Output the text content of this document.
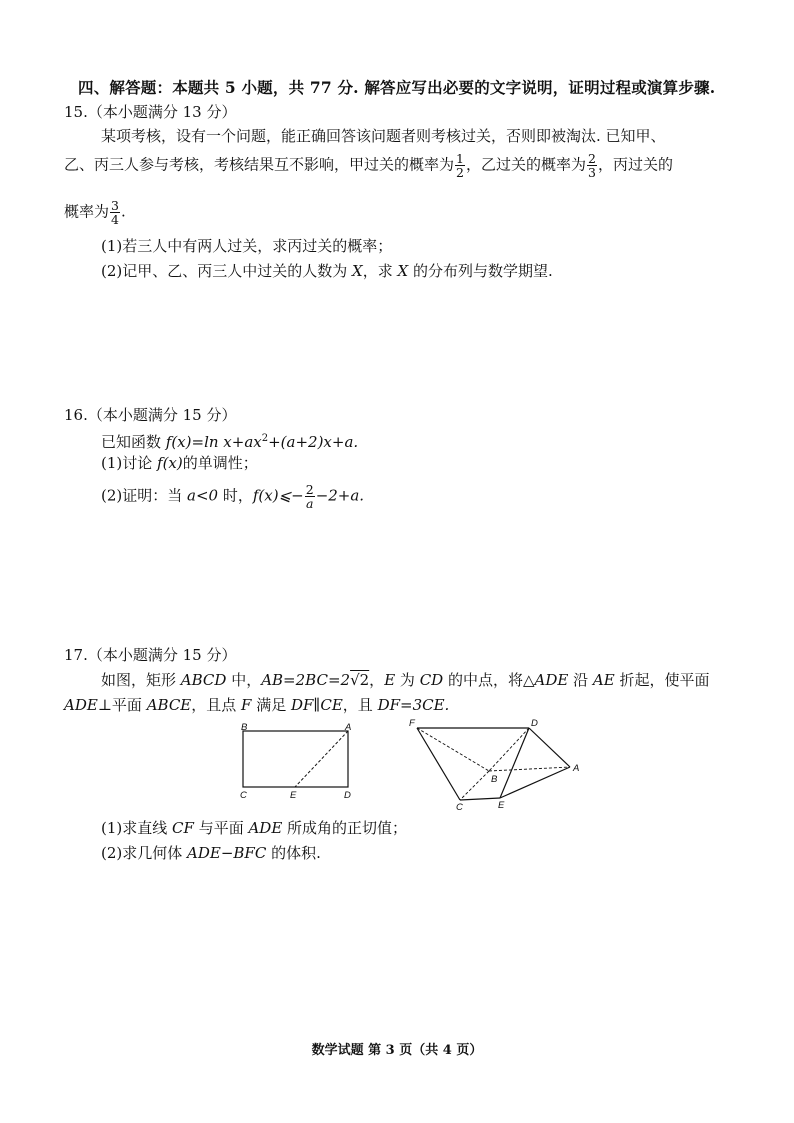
四、解答题：本题共 5 小题，共 77 分. 解答应写出必要的文字说明，证明过程或演算步骤.
15.（本小题满分 13 分）
某项考核，设有一个问题，能正确回答该问题者则考核过关，否则即被淘汰. 已知甲、
乙、丙三人参与考核，考核结果互不影响，甲过关的概率为 $\frac{1}{2}$ ，乙过关的概率为 $\frac{2}{3}$ ，丙过关的
概率为 $\frac{3}{4}$ .
(1)若三人中有两人过关，求丙过关的概率；
(2)记甲、乙、丙三人中过关的人数为 X，求 X 的分布列与数学期望.
16.（本小题满分 15 分）
已知函数 f(x)=ln $x+ax^2+(a+2)x+a$.
(1)讨论 f(x)的单调性；
(2)证明：当 a<0 时，f(x)⩽− $\frac{2}{a} -2+a$.
17.（本小题满分 15 分）
如图，矩形 ABCD 中，AB=2BC=2√2，E 为 CD 的中点，将△ADE 沿 AE 折起，使平面
ADE⊥平面 ABCE，且点 F 满足 DF∥CE，且 DF=3CE.
B	A
C	E	D
F	D
B
A
C	E
(1)求直线 CF 与平面 ADE 所成角的正切值；
(2)求几何体 ADE−BFC 的体积.
数学试题 第 3 页（共 4 页）
